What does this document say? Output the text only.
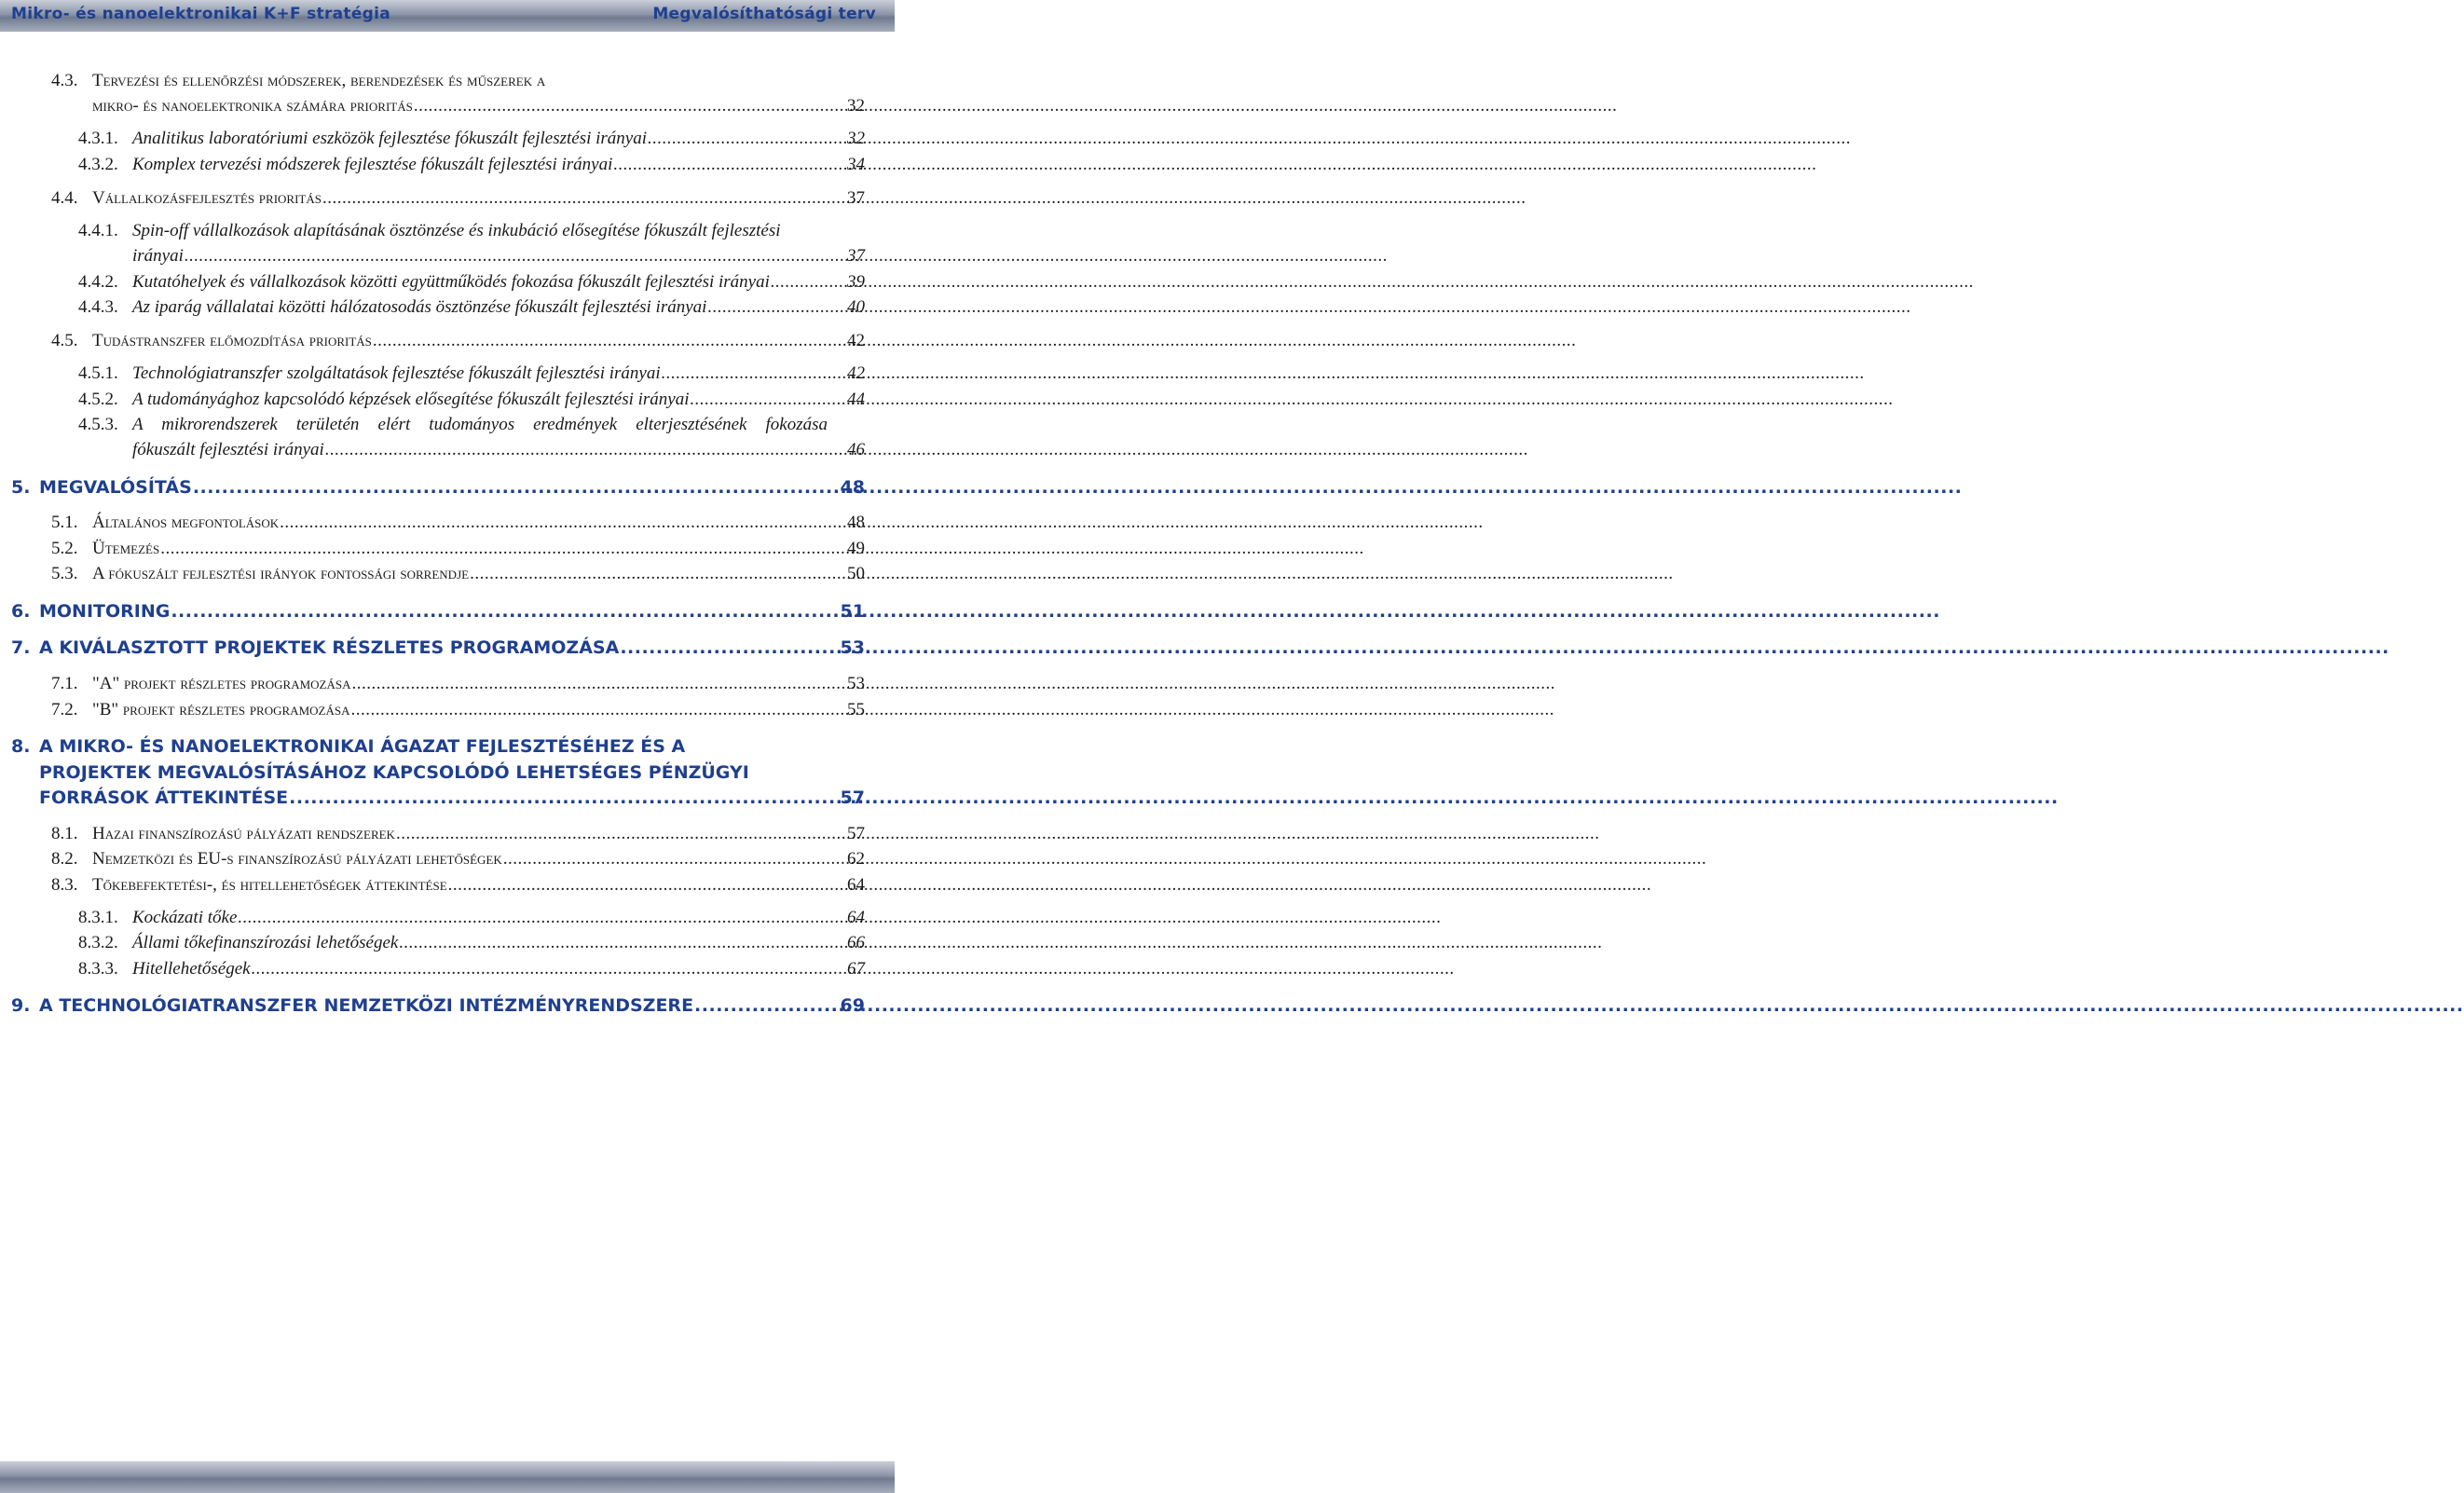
Mikro- és nanoelektronikai K+F stratégia	Megvalósíthatósági terv
4.3. Tervezési és ellenőrzési módszerek, berendezések és műszerek a
mikro- és nanoelektronika számára prioritás .....	32
4.3.1. Analitikus laboratóriumi eszközök fejlesztése fókuszált fejlesztési irányai .....	32
4.3.2. Komplex tervezési módszerek fejlesztése fókuszált fejlesztési irányai .....	34
4.4. Vállalkozásfejlesztés prioritás .....	37
4.4.1. Spin-off vállalkozások alapításának ösztönzése és inkubáció elősegítése fókuszált fejlesztési
irányai .....	37
4.4.2. Kutatóhelyek és vállalkozások közötti együttműködés fokozása fókuszált fejlesztési irányai .....	39
4.4.3. Az iparág vállalatai közötti hálózatosodás ösztönzése fókuszált fejlesztési irányai .....	40
4.5. Tudástranszfer előmozdítása prioritás .....	42
4.5.1. Technológiatranszfer szolgáltatások fejlesztése fókuszált fejlesztési irányai .....	42
4.5.2. A tudományághoz kapcsolódó képzések elősegítése fókuszált fejlesztési irányai .....	44
4.5.3. A mikrorendszerek területén elért tudományos eredmények elterjesztésének fokozása
fókuszált fejlesztési irányai .....	46
5. MEGVALÓSÍTÁS .....	48
5.1. Általános megfontolások .....	48
5.2. Ütemezés .....	49
5.3. A fókuszált fejlesztési irányok fontossági sorrendje .....	50
6. MONITORING .....	51
7. A KIVÁLASZTOTT PROJEKTEK RÉSZLETES PROGRAMOZÁSA .....	53
7.1. "A" projekt részletes programozása .....	53
7.2. "B" projekt részletes programozása .....	55
8. A MIKRO- ÉS NANOELEKTRONIKAI ÁGAZAT FEJLESZTÉSÉHEZ ÉS A
PROJEKTEK MEGVALÓSÍTÁSÁHOZ KAPCSOLÓDÓ LEHETSÉGES PÉNZÜGYI
FORRÁSOK ÁTTEKINTÉSE .....	57
8.1. Hazai finanszírozású pályázati rendszerek .....	57
8.2. Nemzetközi és EU-s finanszírozású pályázati lehetőségek .....	62
8.3. Tőkebefektetési-, és hitellehetőségek áttekintése .....	64
8.3.1. Kockázati tőke .....	64
8.3.2. Állami tőkefinanszírozási lehetőségek .....	66
8.3.3. Hitellehetőségek .....	67
9. A TECHNOLÓGIATRANSZFER NEMZETKÖZI INTÉZMÉNYRENDSZERE .....	69
